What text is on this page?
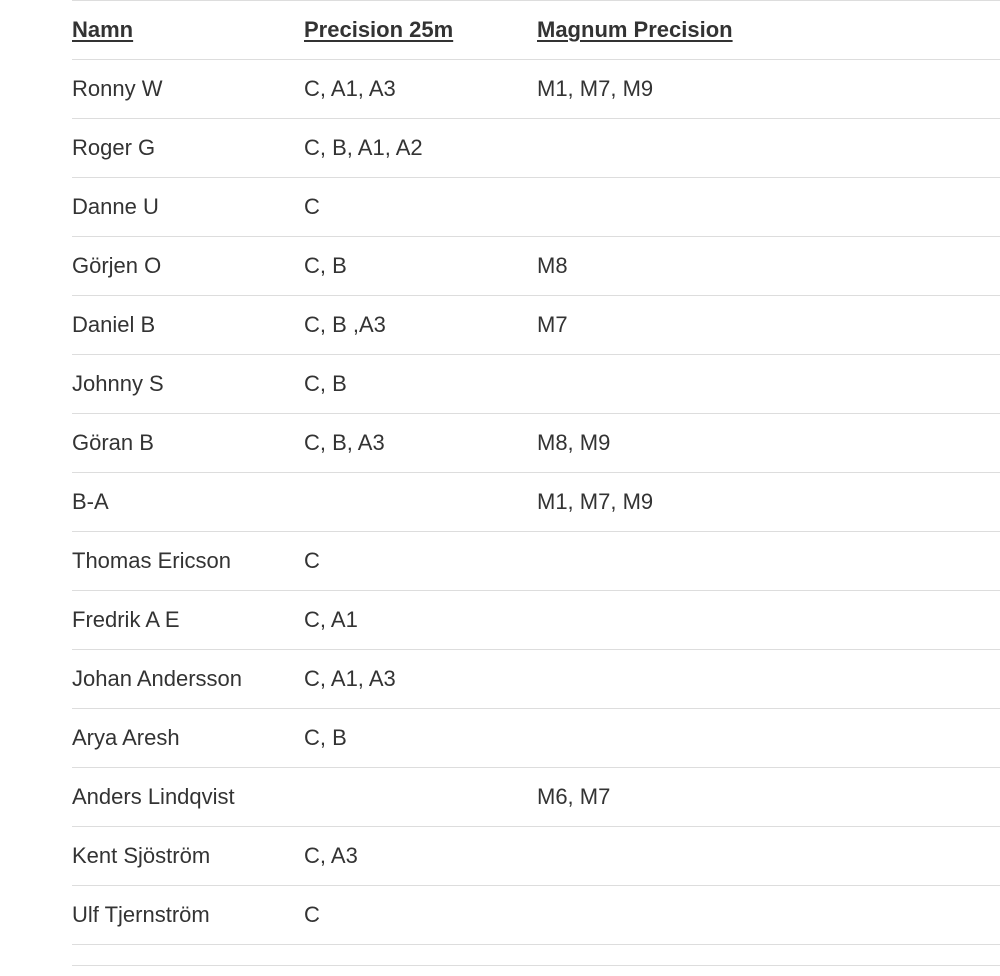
Namn	Precision 25m	Magnum Precision
Ronny W	C, A1, A3	M1, M7, M9
Roger G	C, B, A1, A2	
Danne U	C	
Görjen O	C, B	M8
Daniel B	C, B ,A3	M7
Johnny S	C, B	
Göran B	C, B, A3	M8, M9
B-A		M1, M7, M9
Thomas Ericson	C	
Fredrik A E	C, A1	
Johan Andersson	C, A1, A3	
Arya Aresh	C, B	
Anders Lindqvist		M6, M7
Kent Sjöström	C, A3	
Ulf Tjernström	C	
